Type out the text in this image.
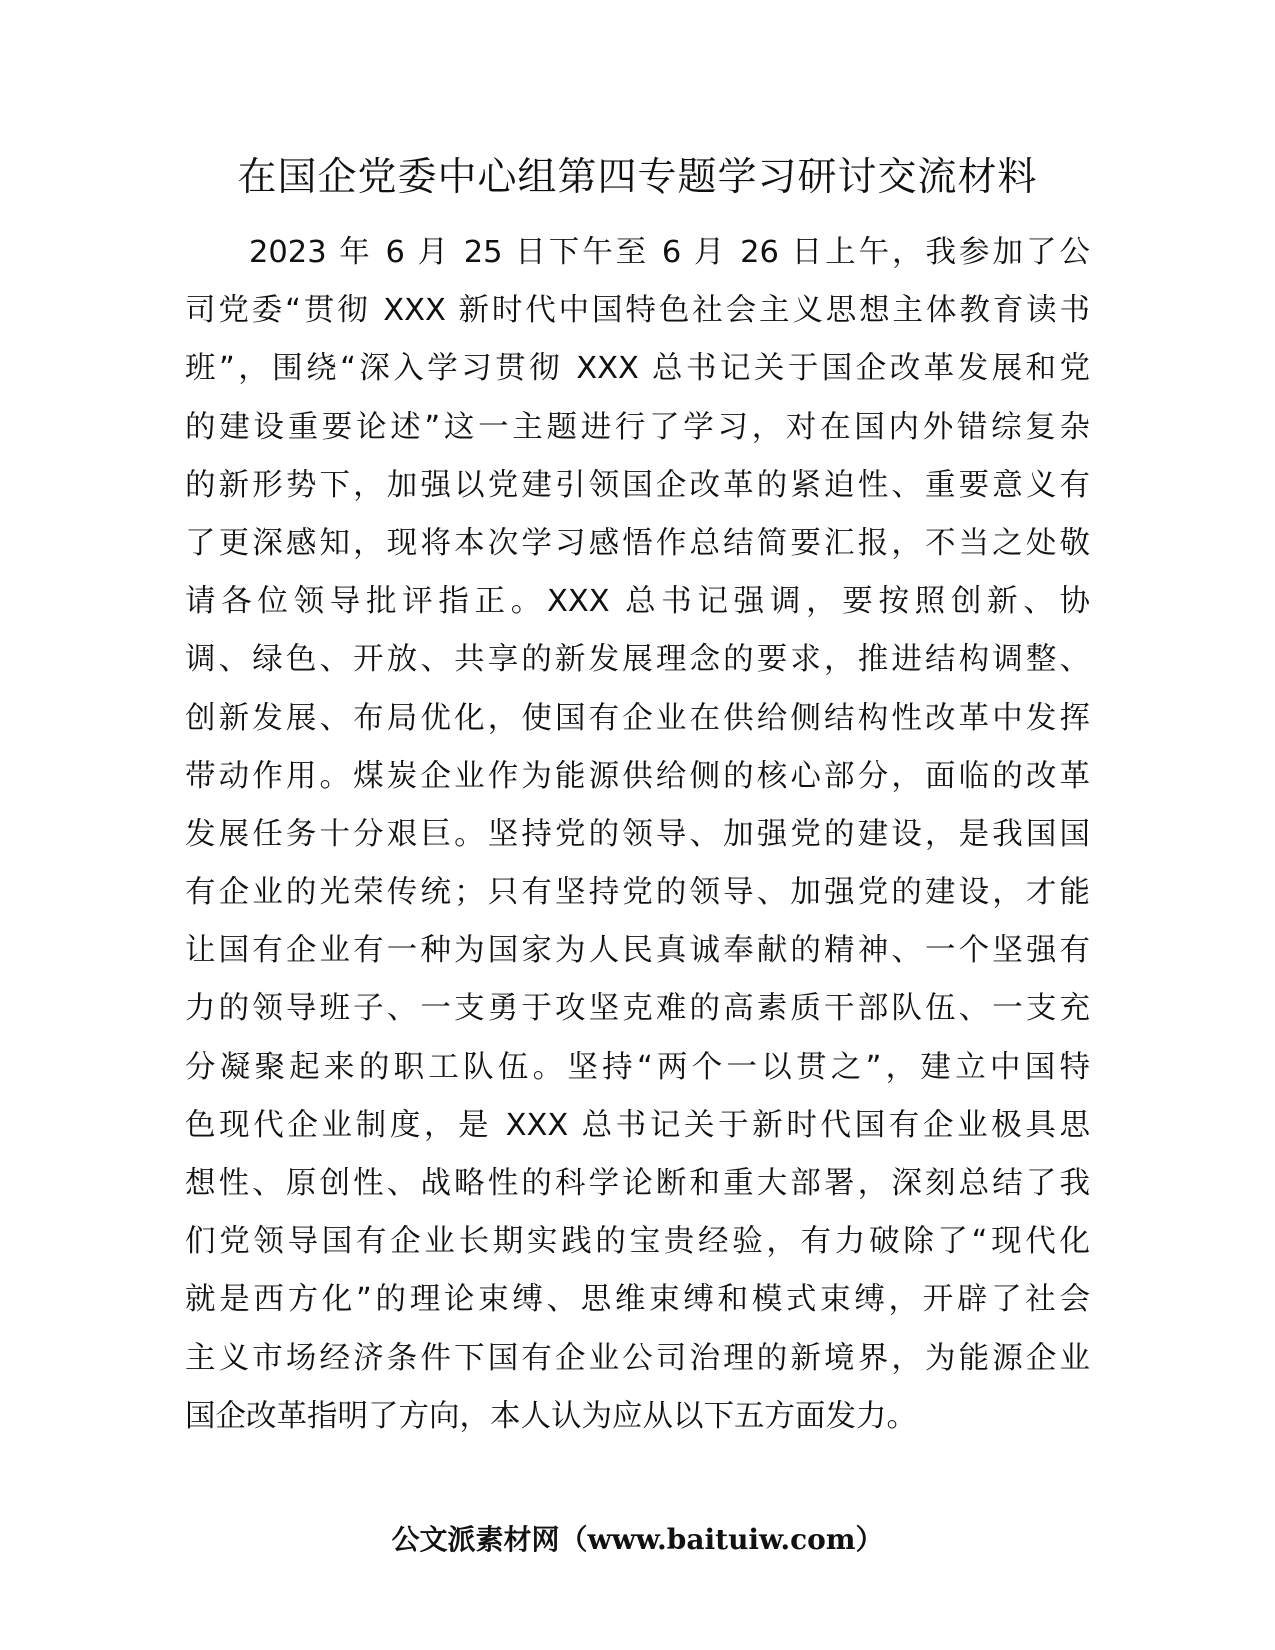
在国企党委中心组第四专题学习研讨交流材料
2023 年 6 月 25 日下午至 6 月 26 日上午，我参加了公
司党委“贯彻 XXX 新时代中国特色社会主义思想主体教育读书
班”，围绕“深入学习贯彻 XXX 总书记关于国企改革发展和党
的建设重要论述”这一主题进行了学习，对在国内外错综复杂
的新形势下，加强以党建引领国企改革的紧迫性、重要意义有
了更深感知，现将本次学习感悟作总结简要汇报，不当之处敬
请各位领导批评指正。XXX 总书记强调，要按照创新、协
调、绿色、开放、共享的新发展理念的要求，推进结构调整、
创新发展、布局优化，使国有企业在供给侧结构性改革中发挥
带动作用。煤炭企业作为能源供给侧的核心部分，面临的改革
发展任务十分艰巨。坚持党的领导、加强党的建设，是我国国
有企业的光荣传统；只有坚持党的领导、加强党的建设，才能
让国有企业有一种为国家为人民真诚奉献的精神、一个坚强有
力的领导班子、一支勇于攻坚克难的高素质干部队伍、一支充
分凝聚起来的职工队伍。坚持“两个一以贯之”，建立中国特
色现代企业制度，是 XXX 总书记关于新时代国有企业极具思
想性、原创性、战略性的科学论断和重大部署，深刻总结了我
们党领导国有企业长期实践的宝贵经验，有力破除了“现代化
就是西方化”的理论束缚、思维束缚和模式束缚，开辟了社会
主义市场经济条件下国有企业公司治理的新境界，为能源企业
国企改革指明了方向，本人认为应从以下五方面发力。
公文派素材网（www.baituiw.com）
